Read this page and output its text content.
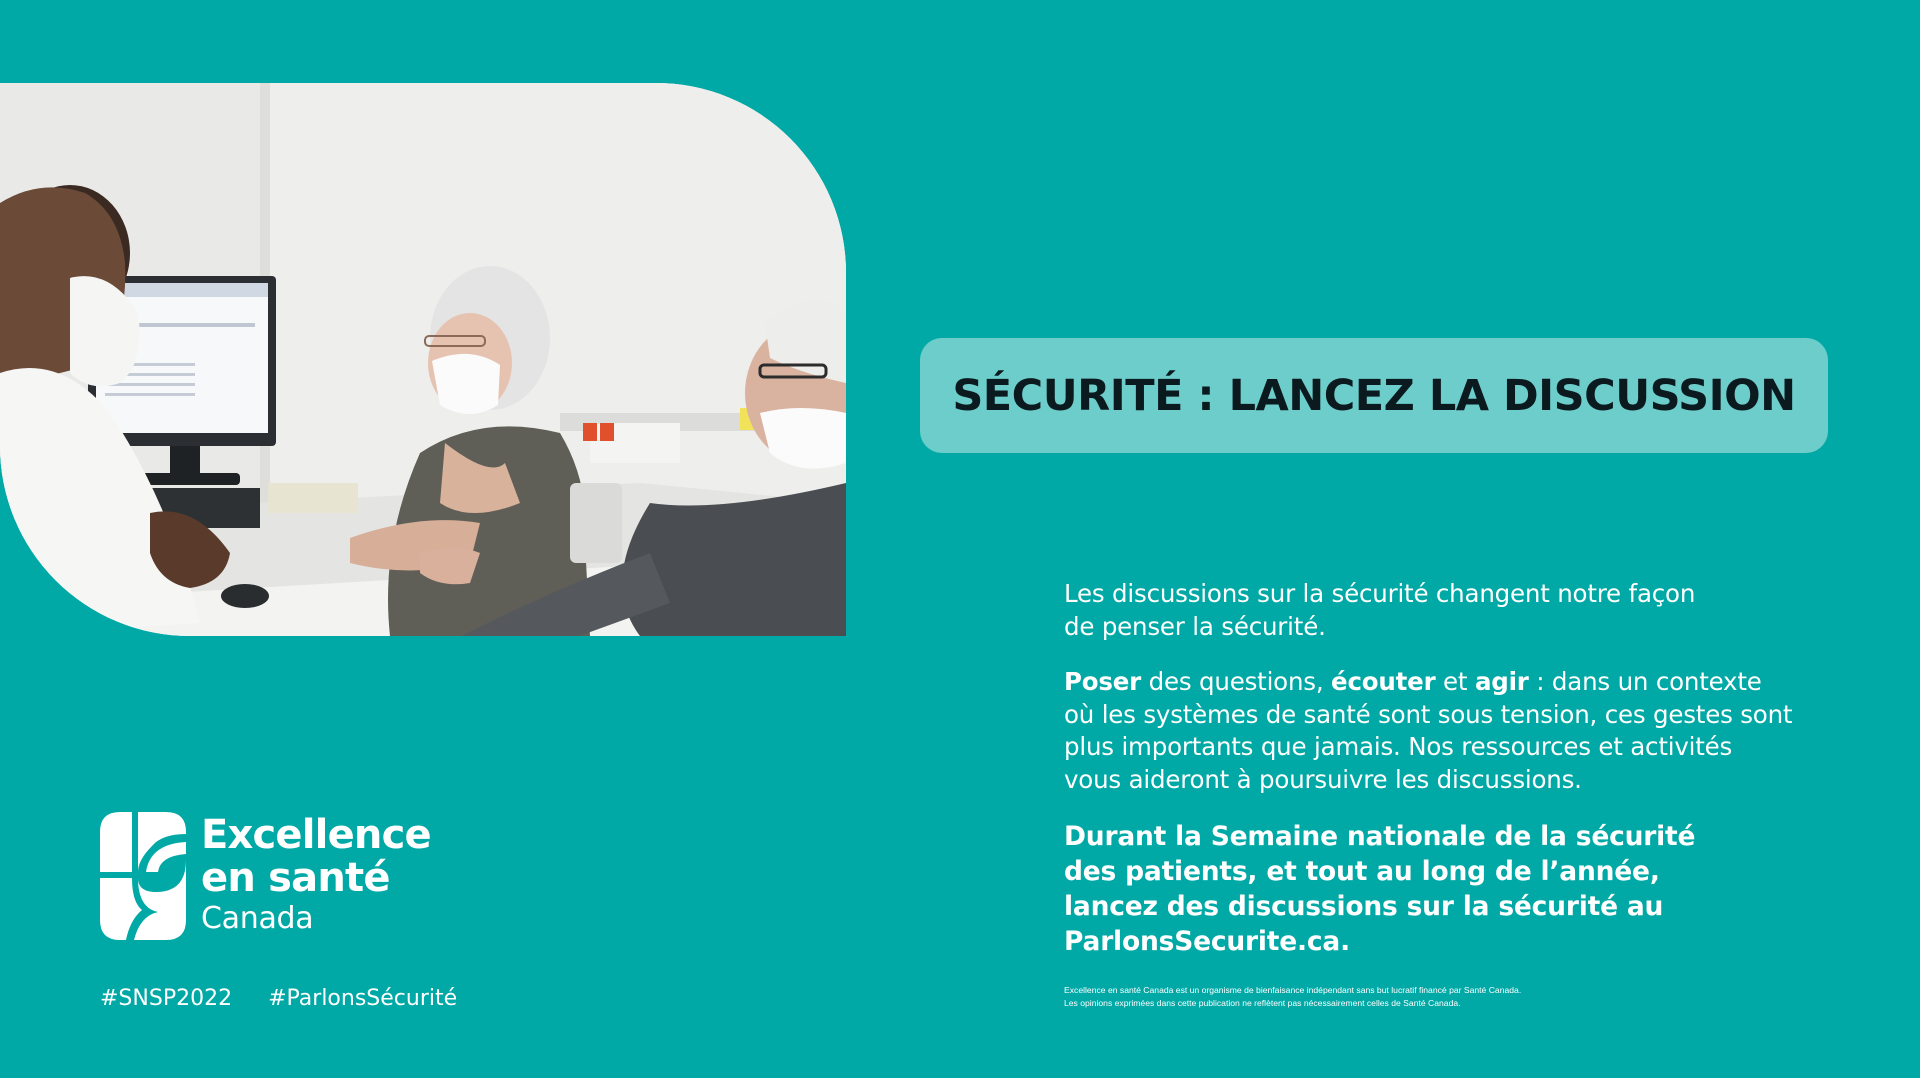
SÉCURITÉ : LANCEZ LA DISCUSSION

Les discussions sur la sécurité changent notre façon
de penser la sécurité.

Poser des questions, écouter et agir : dans un contexte
où les systèmes de santé sont sous tension, ces gestes sont
plus importants que jamais. Nos ressources et activités
vous aideront à poursuivre les discussions.

Durant la Semaine nationale de la sécurité
des patients, et tout au long de l’année,
lancez des discussions sur la sécurité au
ParlonsSecurite.ca.

Excellence en santé Canada est un organisme de bienfaisance indépendant sans but lucratif financé par Santé Canada.
Les opinions exprimées dans cette publication ne reflètent pas nécessairement celles de Santé Canada.
Excellence
en santé
Canada
#SNSP2022 #ParlonsSécurité
